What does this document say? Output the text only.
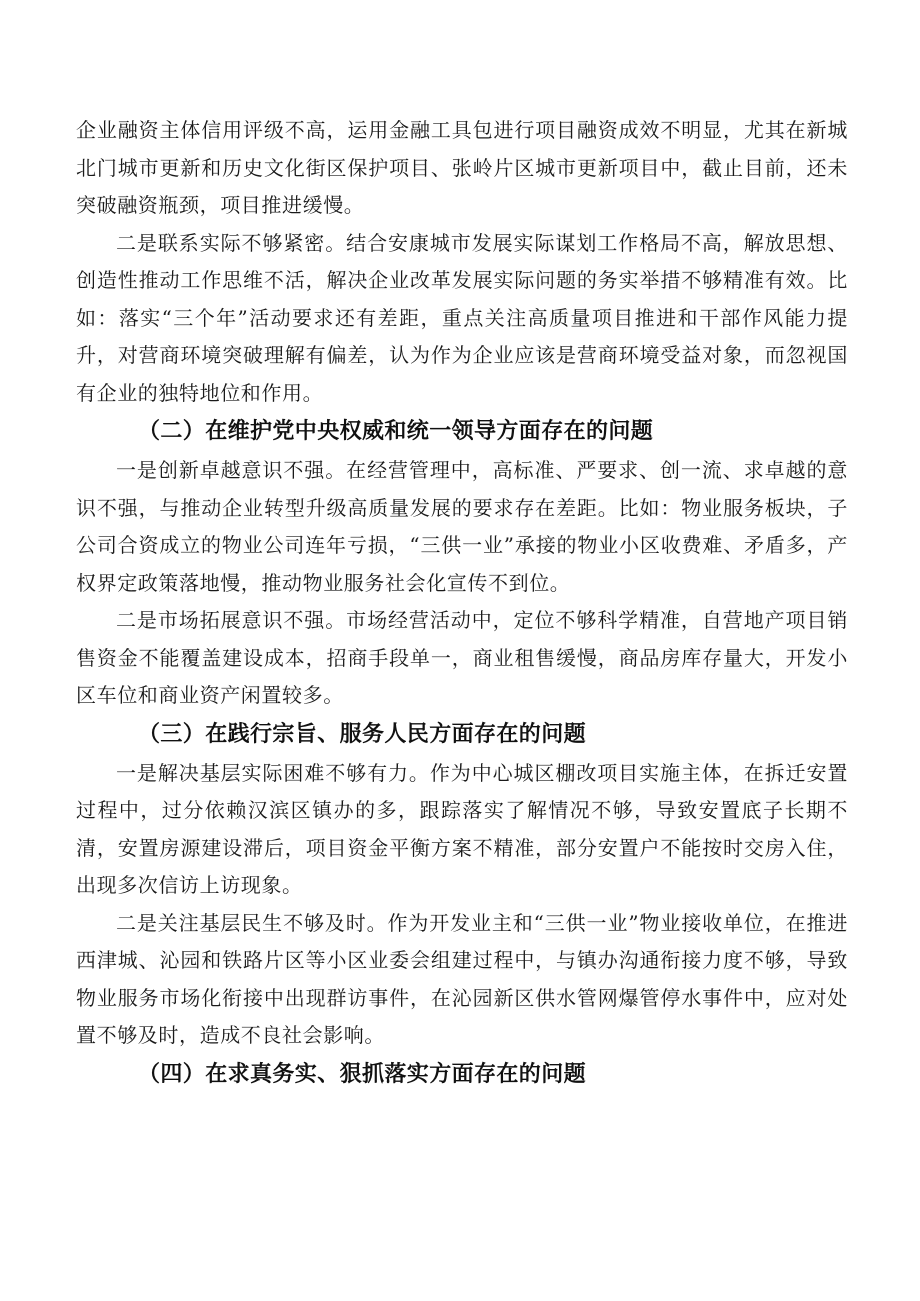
企业融资主体信用评级不高，运用金融工具包进行项目融资成效不明显，尤其在新城北门城市更新和历史文化街区保护项目、张岭片区城市更新项目中，截止目前，还未突破融资瓶颈，项目推进缓慢。

二是联系实际不够紧密。结合安康城市发展实际谋划工作格局不高，解放思想、创造性推动工作思维不活，解决企业改革发展实际问题的务实举措不够精准有效。比如：落实“三个年”活动要求还有差距，重点关注高质量项目推进和干部作风能力提升，对营商环境突破理解有偏差，认为作为企业应该是营商环境受益对象，而忽视国有企业的独特地位和作用。

（二）在维护党中央权威和统一领导方面存在的问题

一是创新卓越意识不强。在经营管理中，高标准、严要求、创一流、求卓越的意识不强，与推动企业转型升级高质量发展的要求存在差距。比如：物业服务板块，子公司合资成立的物业公司连年亏损，“三供一业”承接的物业小区收费难、矛盾多，产权界定政策落地慢，推动物业服务社会化宣传不到位。

二是市场拓展意识不强。市场经营活动中，定位不够科学精准，自营地产项目销售资金不能覆盖建设成本，招商手段单一，商业租售缓慢，商品房库存量大，开发小区车位和商业资产闲置较多。

（三）在践行宗旨、服务人民方面存在的问题

一是解决基层实际困难不够有力。作为中心城区棚改项目实施主体，在拆迁安置过程中，过分依赖汉滨区镇办的多，跟踪落实了解情况不够，导致安置底子长期不清，安置房源建设滞后，项目资金平衡方案不精准，部分安置户不能按时交房入住，出现多次信访上访现象。

二是关注基层民生不够及时。作为开发业主和“三供一业”物业接收单位，在推进西津城、沁园和铁路片区等小区业委会组建过程中，与镇办沟通衔接力度不够，导致物业服务市场化衔接中出现群访事件，在沁园新区供水管网爆管停水事件中，应对处置不够及时，造成不良社会影响。

（四）在求真务实、狠抓落实方面存在的问题
